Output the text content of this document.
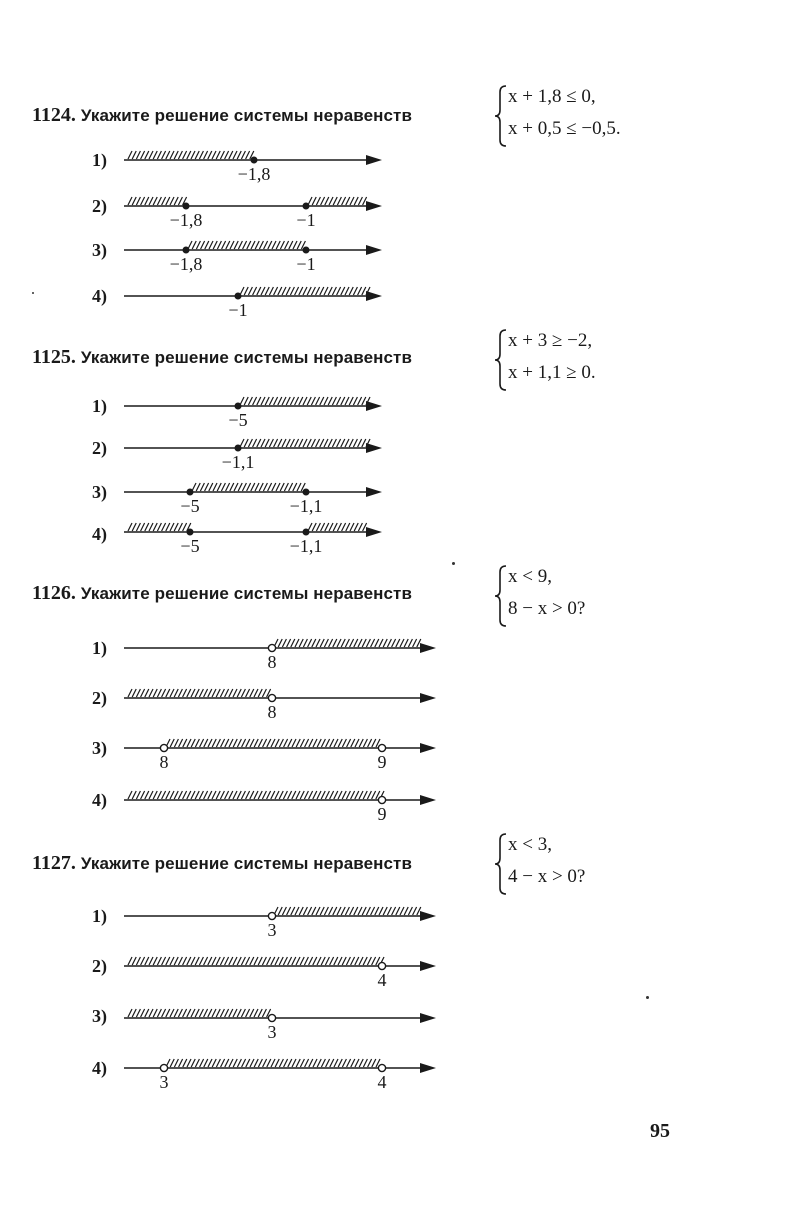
1124. Укажите решение системы неравенств
x + 1,8 ≤ 0,
x + 0,5 ≤ −0,5.
1)
2)
3)
4)
1125. Укажите решение системы неравенств
x + 3 ≥ −2,
x + 1,1 ≥ 0.
1)
2)
3)
4)
1126. Укажите решение системы неравенств
x < 9,
8 − x > 0?
1)
2)
3)
4)
1127. Укажите решение системы неравенств
x < 3,
4 − x > 0?
1)
2)
3)
4)
95
−1,8
−1,8	−1
−1,8	−1
−1
−5
−1,1
−5	−1,1
−5	−1,1
8
8
8	9
9
3
4
3
3	4
